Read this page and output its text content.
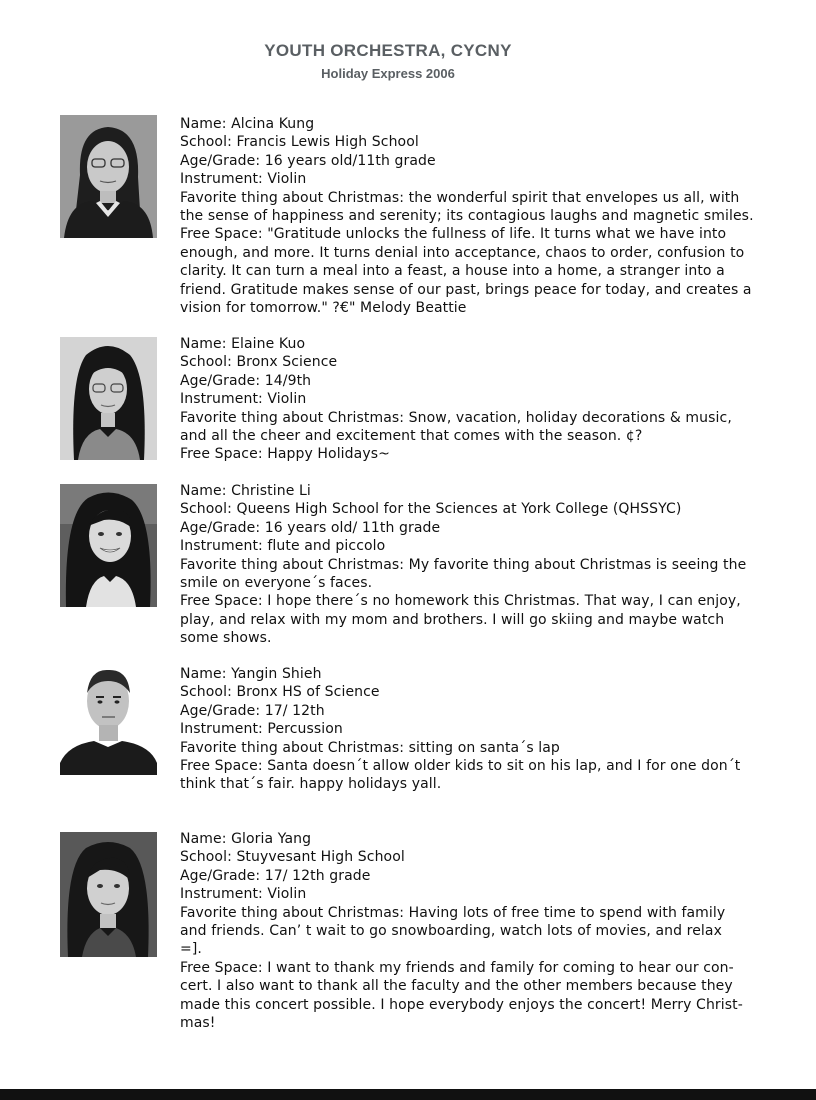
YOUTH ORCHESTRA, CYCNY
Holiday Express 2006
Name: Alcina Kung
School: Francis Lewis High School
Age/Grade: 16 years old/11th grade
Instrument: Violin
Favorite thing about Christmas: the wonderful spirit that envelopes us all, with
the sense of happiness and serenity; its contagious laughs and magnetic smiles.
Free Space: "Gratitude unlocks the fullness of life. It turns what we have into
enough, and more. It turns denial into acceptance, chaos to order, confusion to
clarity. It can turn a meal into a feast, a house into a home, a stranger into a
friend. Gratitude makes sense of our past, brings peace for today, and creates a
vision for tomorrow." ?€" Melody Beattie
Name: Elaine Kuo
School: Bronx Science
Age/Grade: 14/9th
Instrument: Violin
Favorite thing about Christmas: Snow, vacation, holiday decorations & music,
and all the cheer and excitement that comes with the season. ¢?
Free Space: Happy Holidays~
Name: Christine Li
School: Queens High School for the Sciences at York College (QHSSYC)
Age/Grade: 16 years old/ 11th grade
Instrument: flute and piccolo
Favorite thing about Christmas: My favorite thing about Christmas is seeing the
smile on everyone´s faces.
Free Space: I hope there´s no homework this Christmas. That way, I can enjoy,
play, and relax with my mom and brothers. I will go skiing and maybe watch
some shows.
Name: Yangin Shieh
School: Bronx HS of Science
Age/Grade: 17/ 12th
Instrument: Percussion
Favorite thing about Christmas: sitting on santa´s lap
Free Space: Santa doesn´t allow older kids to sit on his lap, and I for one don´t
think that´s fair. happy holidays yall.
Name: Gloria Yang
School: Stuyvesant High School
Age/Grade: 17/ 12th grade
Instrument: Violin
Favorite thing about Christmas: Having lots of free time to spend with family
and friends. Can’ t wait to go snowboarding, watch lots of movies, and relax
=].
Free Space: I want to thank my friends and family for coming to hear our con-
cert. I also want to thank all the faculty and the other members because they
made this concert possible. I hope everybody enjoys the concert! Merry Christ-
mas!
